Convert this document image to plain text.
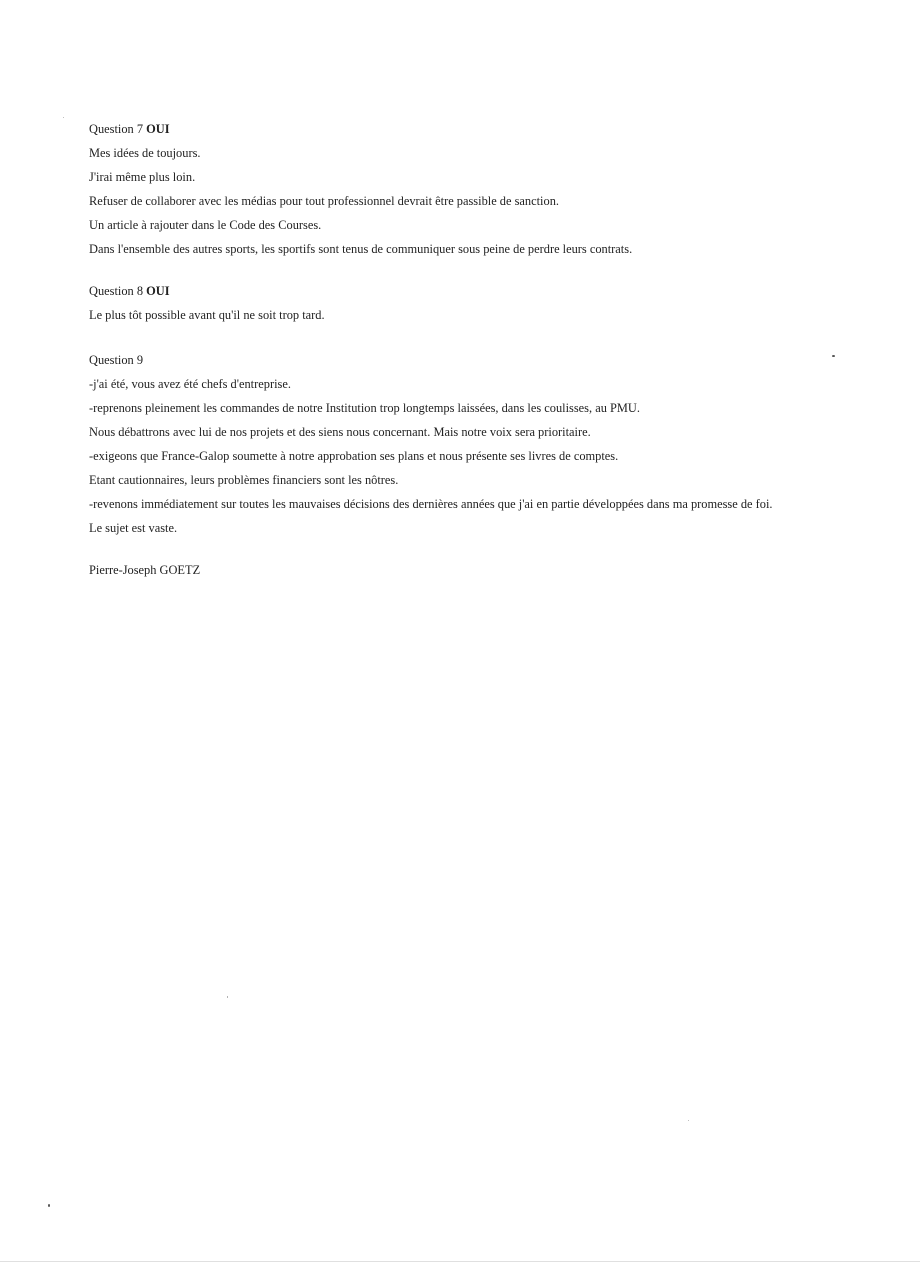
Question 7 OUI

Mes idées de toujours.

J'irai même plus loin.

Refuser de collaborer avec les médias pour tout professionnel devrait être passible de sanction.

Un article à rajouter dans le Code des Courses.

Dans l'ensemble des autres sports, les sportifs sont tenus de communiquer sous peine de perdre leurs contrats.

Question 8 OUI

Le plus tôt possible avant qu'il ne soit trop tard.

Question 9

-j'ai été, vous avez été chefs d'entreprise.

-reprenons pleinement les commandes de notre Institution trop longtemps laissées, dans les coulisses, au PMU.

Nous débattrons avec lui de nos projets et des siens nous concernant. Mais notre voix sera prioritaire.

-exigeons que France-Galop soumette à notre approbation ses plans et nous présente ses livres de comptes.

Etant cautionnaires, leurs problèmes financiers sont les nôtres.

-revenons immédiatement sur toutes les mauvaises décisions des dernières années que j'ai en partie développées dans ma promesse de foi.

Le sujet est vaste.

Pierre-Joseph GOETZ
